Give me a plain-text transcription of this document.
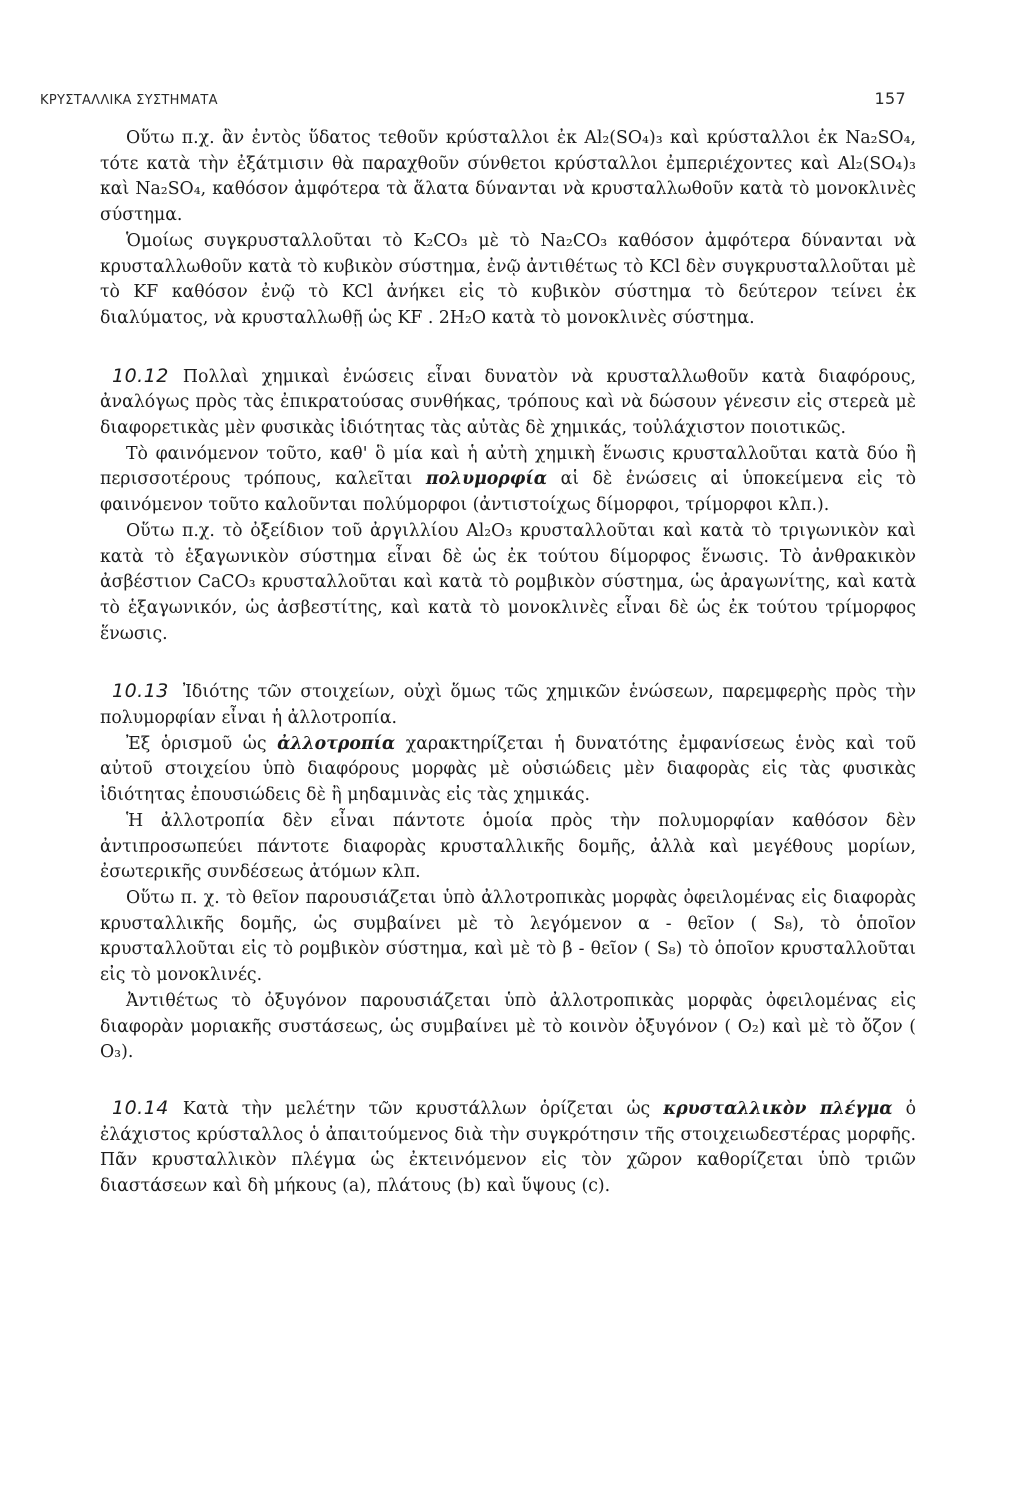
ΚΡΥΣΤΑΛΛΙΚΑ ΣΥΣΤΗΜΑΤΑ	157

Οὕτω π.χ. ἂν ἐντὸς ὕδατος τεθοῦν κρύσταλλοι ἐκ Al₂(SO₄)₃ καὶ κρύσταλλοι ἐκ Na₂SO₄, τότε κατὰ τὴν ἐξάτμισιν θὰ παραχθοῦν σύνθετοι κρύσταλλοι ἐμπεριέχοντες καὶ Al₂(SO₄)₃ καὶ Na₂SO₄, καθόσον ἀμφότερα τὰ ἅλατα δύνανται νὰ κρυσταλλωθοῦν κατὰ τὸ μονοκλινὲς σύστημα.

Ὁμοίως συγκρυσταλλοῦται τὸ K₂CO₃ μὲ τὸ Na₂CO₃ καθόσον ἀμφότερα δύνανται νὰ κρυσταλλωθοῦν κατὰ τὸ κυβικὸν σύστημα, ἐνῷ ἀντιθέτως τὸ KCl δὲν συγκρυσταλλοῦται μὲ τὸ KF καθόσον ἐνῷ τὸ KCl ἀνήκει εἰς τὸ κυβικὸν σύστημα τὸ δεύτερον τείνει ἐκ διαλύματος, νὰ κρυσταλλωθῇ ὡς KF . 2H₂O κατὰ τὸ μονοκλινὲς σύστημα.

10.12 Πολλαὶ χημικαὶ ἐνώσεις εἶναι δυνατὸν νὰ κρυσταλλωθοῦν κατὰ διαφόρους, ἀναλόγως πρὸς τὰς ἐπικρατούσας συνθήκας, τρόπους καὶ νὰ δώσουν γένεσιν εἰς στερεὰ μὲ διαφορετικὰς μὲν φυσικὰς ἰδιότητας τὰς αὐτὰς δὲ χημικάς, τοὐλάχιστον ποιοτικῶς.

Τὸ φαινόμενον τοῦτο, καθ' ὃ μία καὶ ἡ αὐτὴ χημικὴ ἕνωσις κρυσταλλοῦται κατὰ δύο ἢ περισσοτέρους τρόπους, καλεῖται πολυμορφία αἱ δὲ ἑνώσεις αἱ ὑποκείμενα εἰς τὸ φαινόμενον τοῦτο καλοῦνται πολύμορφοι (ἀντιστοίχως δίμορφοι, τρίμορφοι κλπ.).

Οὕτω π.χ. τὸ ὀξείδιον τοῦ ἀργιλλίου Al₂O₃ κρυσταλλοῦται καὶ κατὰ τὸ τριγωνικὸν καὶ κατὰ τὸ ἑξαγωνικὸν σύστημα εἶναι δὲ ὡς ἐκ τούτου δίμορφος ἕνωσις. Τὸ ἀνθρακικὸν ἀσβέστιον CaCO₃ κρυσταλλοῦται καὶ κατὰ τὸ ρομβικὸν σύστημα, ὡς ἀραγωνίτης, καὶ κατὰ τὸ ἑξαγωνικόν, ὡς ἀσβεστίτης, καὶ κατὰ τὸ μονοκλινὲς εἶναι δὲ ὡς ἐκ τούτου τρίμορφος ἕνωσις.

10.13 Ἰδιότης τῶν στοιχείων, οὐχὶ ὅμως τῶς χημικῶν ἑνώσεων, παρεμφερὴς πρὸς τὴν πολυμορφίαν εἶναι ἡ ἀλλοτροπία.

Ἐξ ὁρισμοῦ ὡς ἀλλοτροπία χαρακτηρίζεται ἡ δυνατότης ἐμφανίσεως ἑνὸς καὶ τοῦ αὐτοῦ στοιχείου ὑπὸ διαφόρους μορφὰς μὲ οὐσιώδεις μὲν διαφορὰς εἰς τὰς φυσικὰς ἰδιότητας ἐπουσιώδεις δὲ ἢ μηδαμινὰς εἰς τὰς χημικάς.

Ἡ ἀλλοτροπία δὲν εἶναι πάντοτε ὁμοία πρὸς τὴν πολυμορφίαν καθόσον δὲν ἀντιπροσωπεύει πάντοτε διαφορὰς κρυσταλλικῆς δομῆς, ἀλλὰ καὶ μεγέθους μορίων, ἐσωτερικῆς συνδέσεως ἀτόμων κλπ.

Οὕτω π. χ. τὸ θεῖον παρουσιάζεται ὑπὸ ἀλλοτροπικὰς μορφὰς ὀφειλομένας εἰς διαφορὰς κρυσταλλικῆς δομῆς, ὡς συμβαίνει μὲ τὸ λεγόμενον α - θεῖον ( S₈), τὸ ὁποῖον κρυσταλλοῦται εἰς τὸ ρομβικὸν σύστημα, καὶ μὲ τὸ β - θεῖον ( S₈) τὸ ὁποῖον κρυσταλλοῦται εἰς τὸ μονοκλινές.

Ἀντιθέτως τὸ ὀξυγόνον παρουσιάζεται ὑπὸ ἀλλοτροπικὰς μορφὰς ὀφειλομένας εἰς διαφορὰν μοριακῆς συστάσεως, ὡς συμβαίνει μὲ τὸ κοινὸν ὀξυγόνον ( O₂) καὶ μὲ τὸ ὄζον ( O₃).

10.14 Κατὰ τὴν μελέτην τῶν κρυστάλλων ὁρίζεται ὡς κρυσταλλικὸν πλέγμα ὁ ἐλάχιστος κρύσταλλος ὁ ἀπαιτούμενος διὰ τὴν συγκρότησιν τῆς στοιχειωδεστέρας μορφῆς. Πᾶν κρυσταλλικὸν πλέγμα ὡς ἐκτεινόμενον εἰς τὸν χῶρον καθορίζεται ὑπὸ τριῶν διαστάσεων καὶ δὴ μήκους (a), πλάτους (b) καὶ ὕψους (c).
